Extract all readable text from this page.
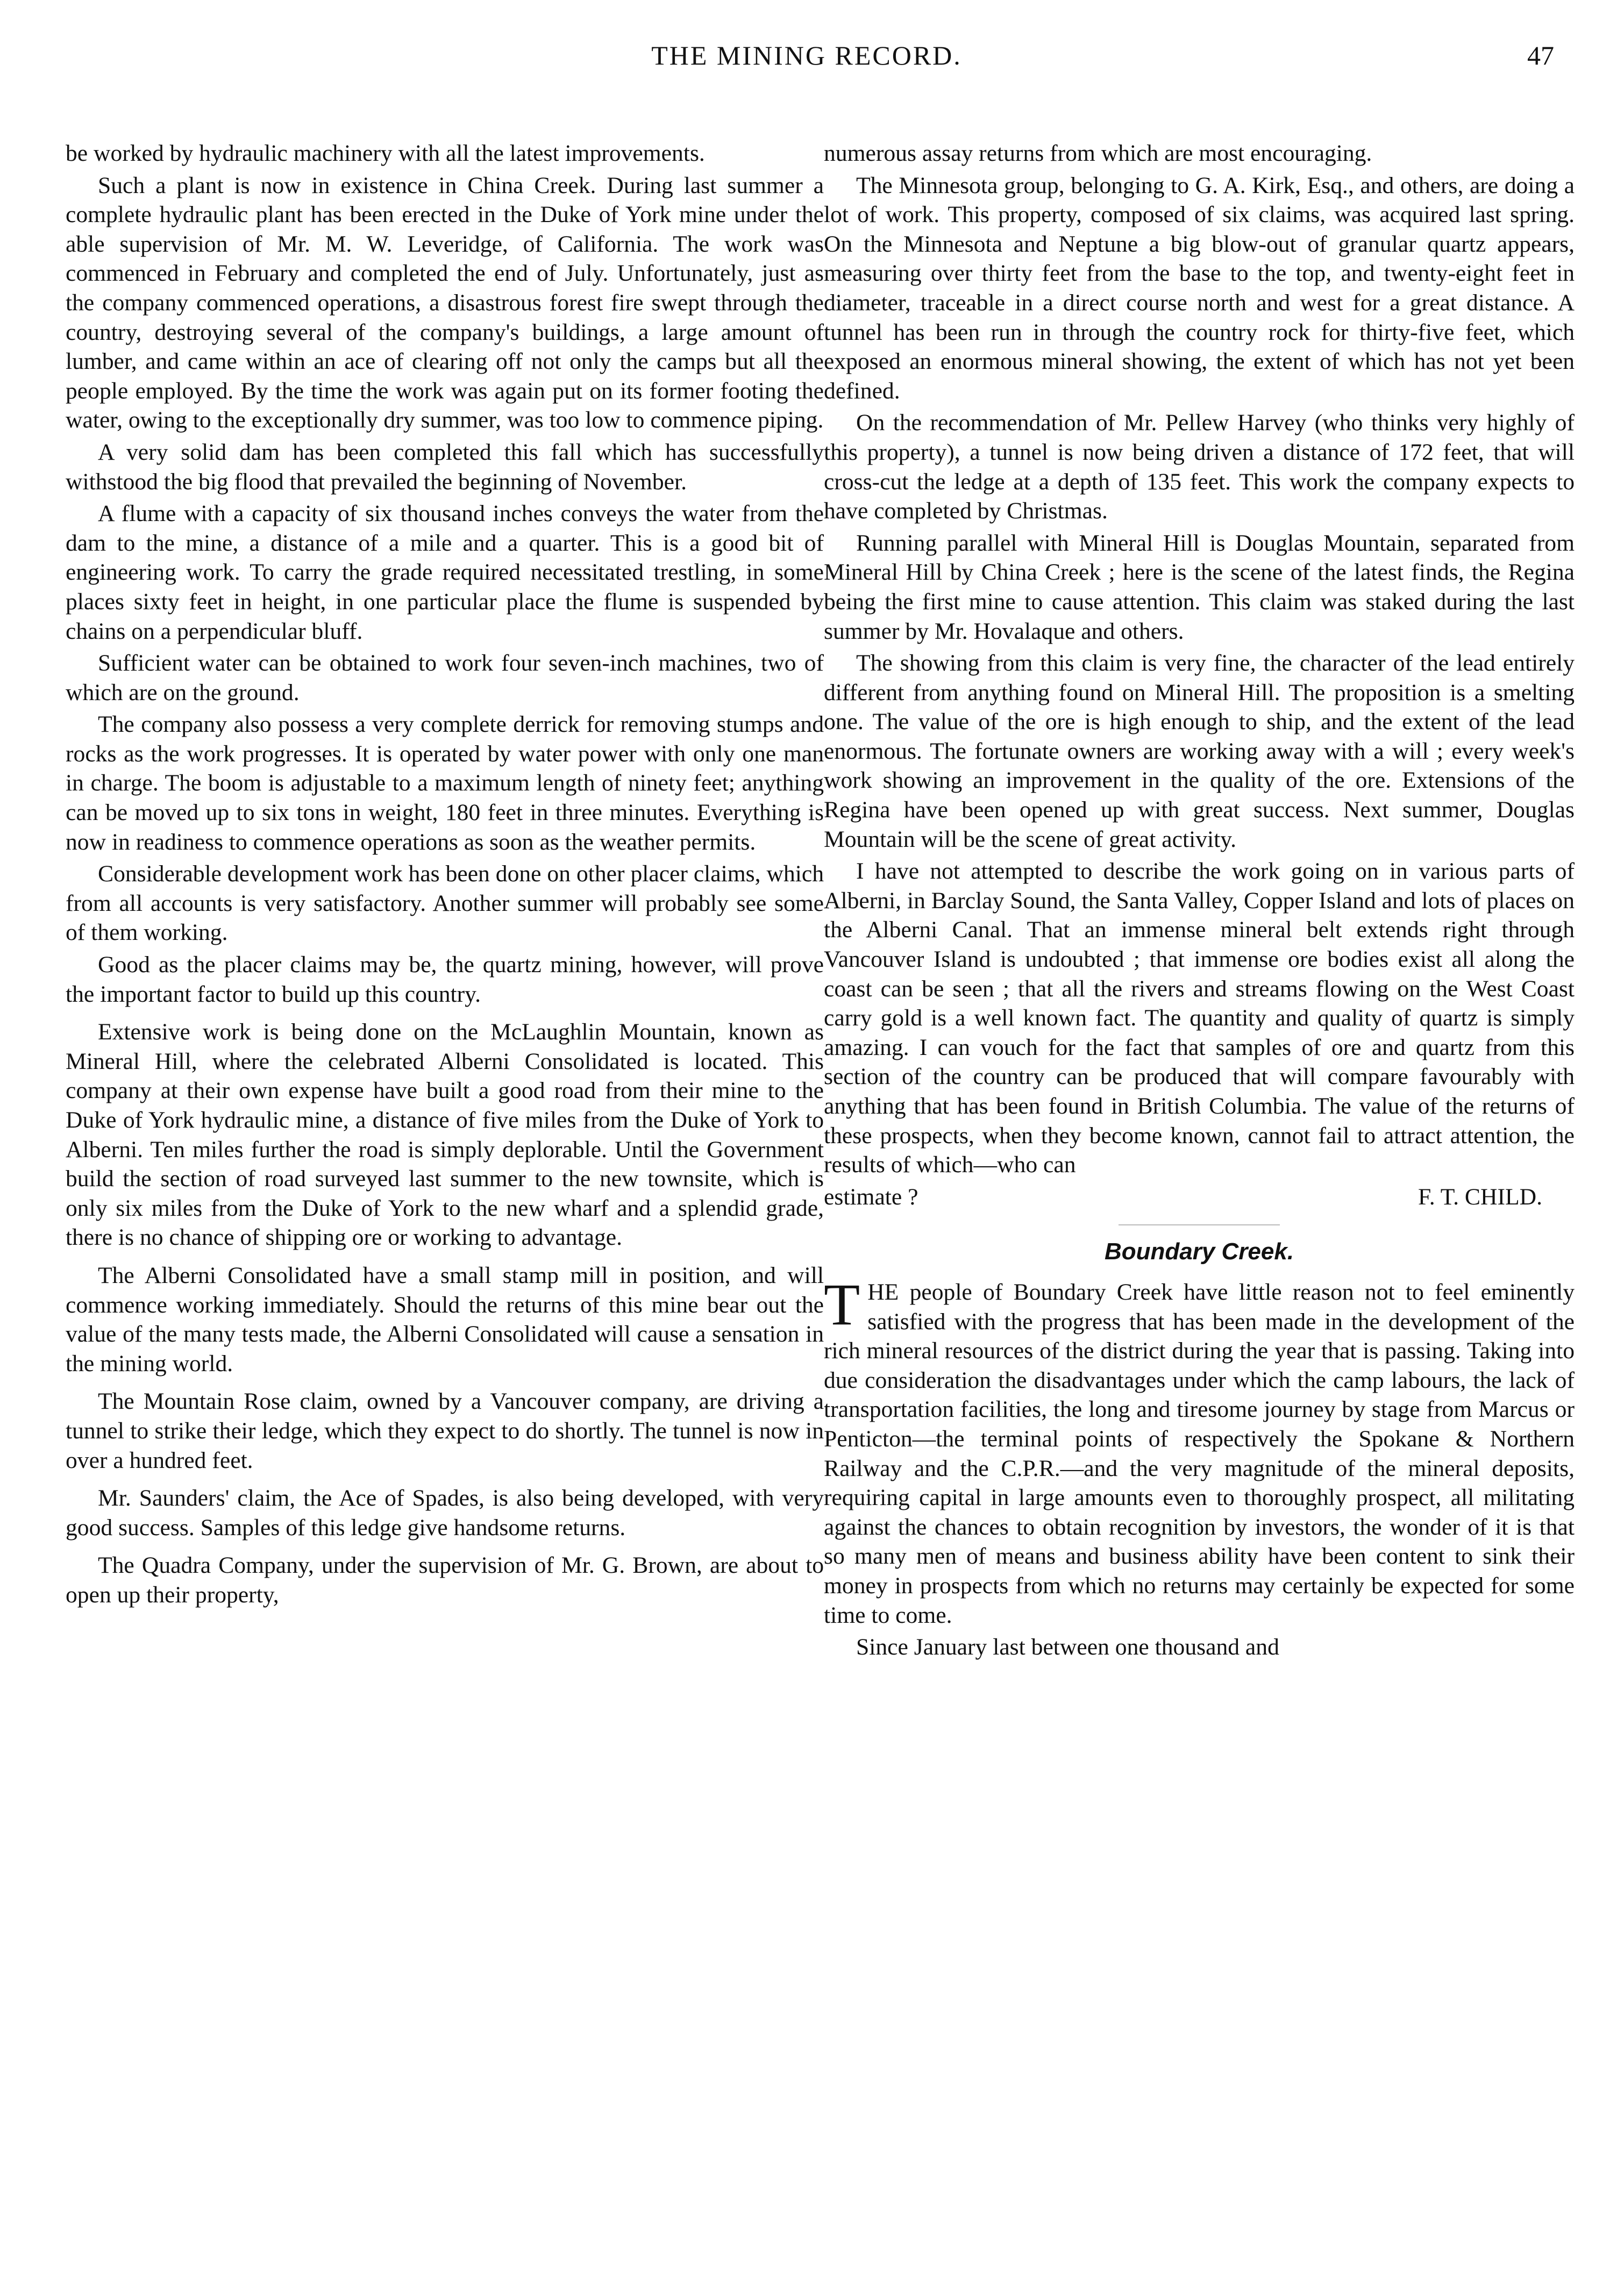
THE MINING RECORD.	47

be worked by hydraulic machinery with all the latest improvements.

Such a plant is now in existence in China Creek. During last summer a complete hydraulic plant has been erected in the Duke of York mine under the able supervision of Mr. M. W. Leveridge, of California. The work was commenced in February and completed the end of July. Unfortunately, just as the company commenced operations, a disastrous forest fire swept through the country, destroying several of the company's buildings, a large amount of lumber, and came within an ace of clearing off not only the camps but all the people employed. By the time the work was again put on its former footing the water, owing to the exceptionally dry summer, was too low to commence piping.

A very solid dam has been completed this fall which has successfully withstood the big flood that prevailed the beginning of November.

A flume with a capacity of six thousand inches conveys the water from the dam to the mine, a distance of a mile and a quarter. This is a good bit of engineering work. To carry the grade required necessitated trestling, in some places sixty feet in height, in one particular place the flume is suspended by chains on a perpendicular bluff.

Sufficient water can be obtained to work four seven-inch machines, two of which are on the ground.

The company also possess a very complete derrick for removing stumps and rocks as the work progresses. It is operated by water power with only one man in charge. The boom is adjustable to a maximum length of ninety feet; anything can be moved up to six tons in weight, 180 feet in three minutes. Everything is now in readiness to commence operations as soon as the weather permits.

Considerable development work has been done on other placer claims, which from all accounts is very satisfactory. Another summer will probably see some of them working.

Good as the placer claims may be, the quartz mining, however, will prove the important factor to build up this country.

Extensive work is being done on the McLaughlin Mountain, known as Mineral Hill, where the celebrated Alberni Consolidated is located. This company at their own expense have built a good road from their mine to the Duke of York hydraulic mine, a distance of five miles from the Duke of York to Alberni. Ten miles further the road is simply deplorable. Until the Government build the section of road surveyed last summer to the new townsite, which is only six miles from the Duke of York to the new wharf and a splendid grade, there is no chance of shipping ore or working to advantage.

The Alberni Consolidated have a small stamp mill in position, and will commence working immediately. Should the returns of this mine bear out the value of the many tests made, the Alberni Consolidated will cause a sensation in the mining world.

The Mountain Rose claim, owned by a Vancouver company, are driving a tunnel to strike their ledge, which they expect to do shortly. The tunnel is now in over a hundred feet.

Mr. Saunders' claim, the Ace of Spades, is also being developed, with very good success. Samples of this ledge give handsome returns.

The Quadra Company, under the supervision of Mr. G. Brown, are about to open up their property,

numerous assay returns from which are most encouraging.

The Minnesota group, belonging to G. A. Kirk, Esq., and others, are doing a lot of work. This property, composed of six claims, was acquired last spring. On the Minnesota and Neptune a big blow-out of granular quartz appears, measuring over thirty feet from the base to the top, and twenty-eight feet in diameter, traceable in a direct course north and west for a great distance. A tunnel has been run in through the country rock for thirty-five feet, which exposed an enormous mineral showing, the extent of which has not yet been defined.

On the recommendation of Mr. Pellew Harvey (who thinks very highly of this property), a tunnel is now being driven a distance of 172 feet, that will cross-cut the ledge at a depth of 135 feet. This work the company expects to have completed by Christmas.

Running parallel with Mineral Hill is Douglas Mountain, separated from Mineral Hill by China Creek ; here is the scene of the latest finds, the Regina being the first mine to cause attention. This claim was staked during the last summer by Mr. Hovalaque and others.

The showing from this claim is very fine, the character of the lead entirely different from anything found on Mineral Hill. The proposition is a smelting one. The value of the ore is high enough to ship, and the extent of the lead enormous. The fortunate owners are working away with a will ; every week's work showing an improvement in the quality of the ore. Extensions of the Regina have been opened up with great success. Next summer, Douglas Mountain will be the scene of great activity.

I have not attempted to describe the work going on in various parts of Alberni, in Barclay Sound, the Santa Valley, Copper Island and lots of places on the Alberni Canal. That an immense mineral belt extends right through Vancouver Island is undoubted ; that immense ore bodies exist all along the coast can be seen ; that all the rivers and streams flowing on the West Coast carry gold is a well known fact. The quantity and quality of quartz is simply amazing. I can vouch for the fact that samples of ore and quartz from this section of the country can be produced that will compare favourably with anything that has been found in British Columbia. The value of the returns of these prospects, when they become known, cannot fail to attract attention, the results of which—who can

estimate ?	F. T. CHILD.
Boundary Creek.

THE people of Boundary Creek have little reason not to feel eminently satisfied with the progress that has been made in the development of the rich mineral resources of the district during the year that is passing. Taking into due consideration the disadvantages under which the camp labours, the lack of transportation facilities, the long and tiresome journey by stage from Marcus or Penticton—the terminal points of respectively the Spokane & Northern Railway and the C.P.R.—and the very magnitude of the mineral deposits, requiring capital in large amounts even to thoroughly prospect, all militating against the chances to obtain recognition by investors, the wonder of it is that so many men of means and business ability have been content to sink their money in prospects from which no returns may certainly be expected for some time to come.

Since January last between one thousand and
